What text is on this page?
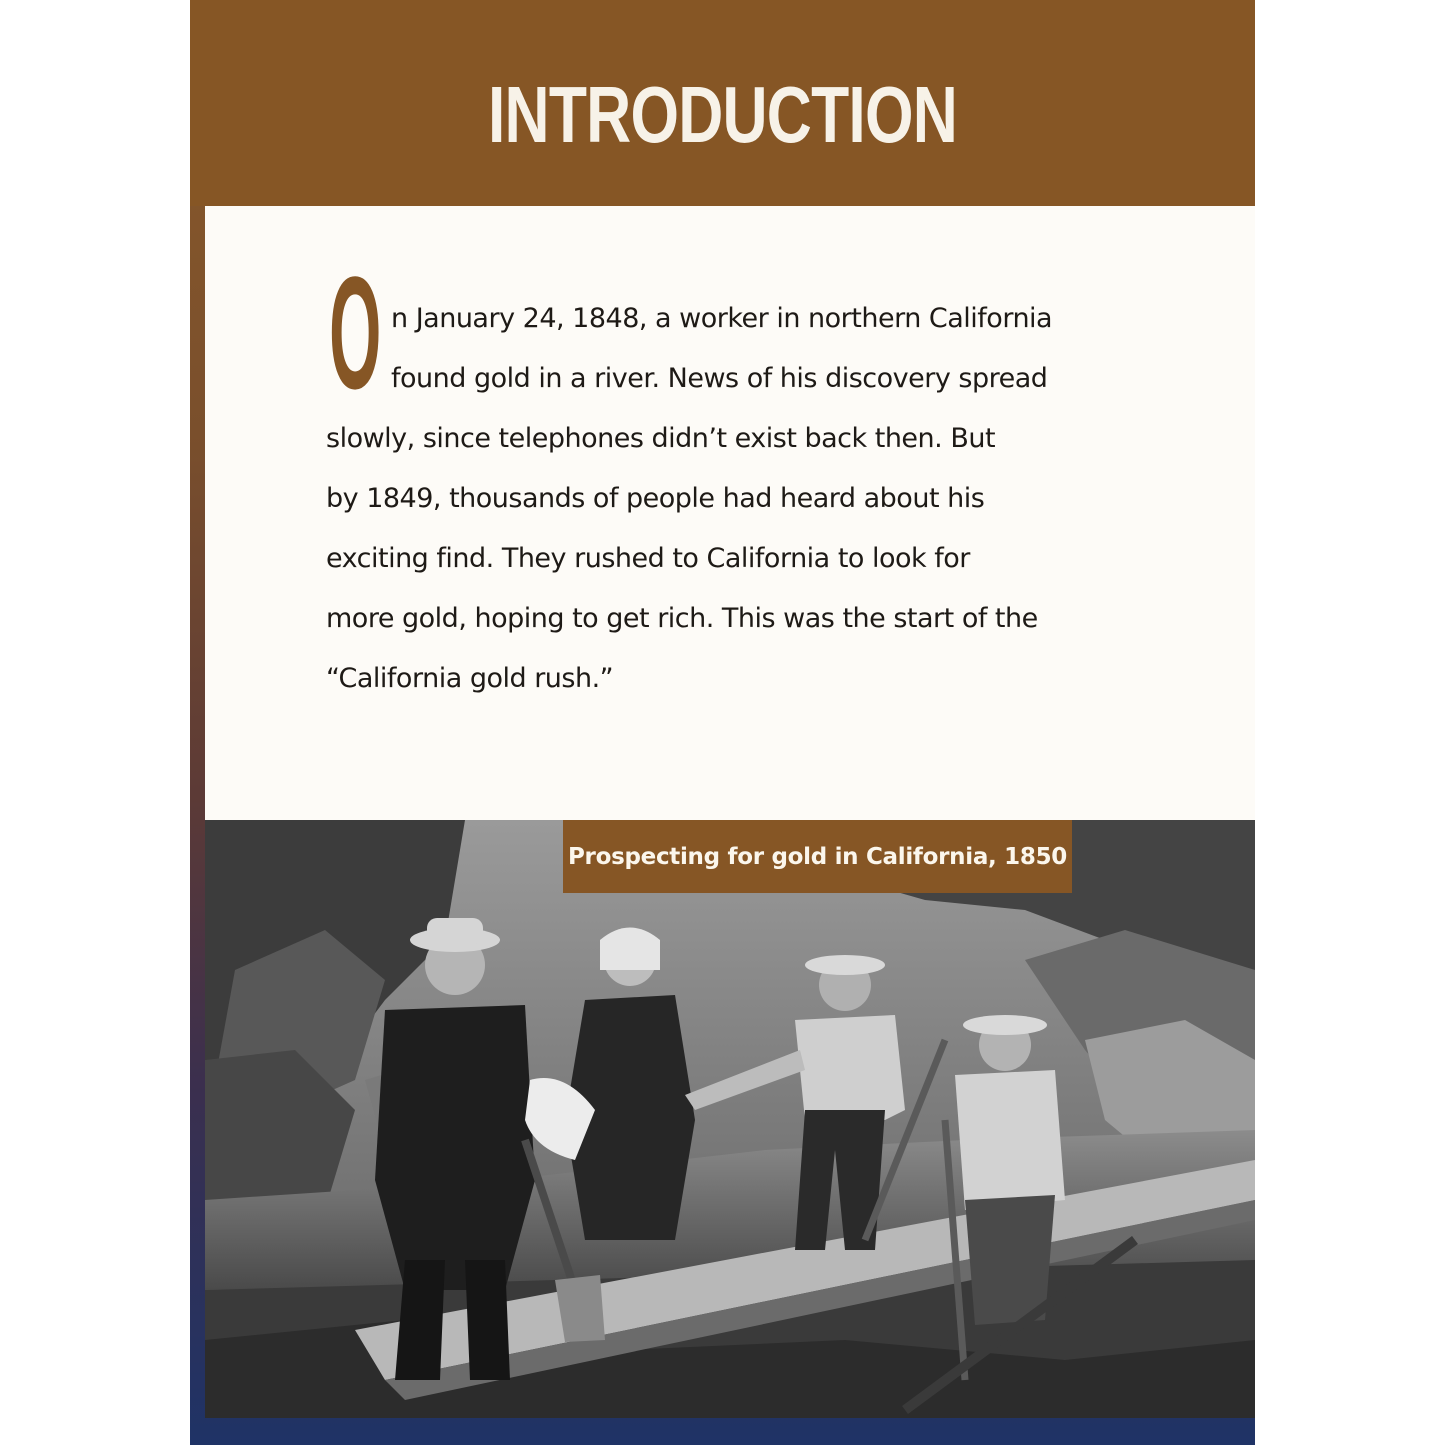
INTRODUCTION
O n January 24, 1848, a worker in northern California
found gold in a river. News of his discovery spread
slowly, since telephones didn’t exist back then. But
by 1849, thousands of people had heard about his
exciting find. They rushed to California to look for
more gold, hoping to get rich. This was the start of the
“California gold rush.”
Prospecting for gold in California, 1850
